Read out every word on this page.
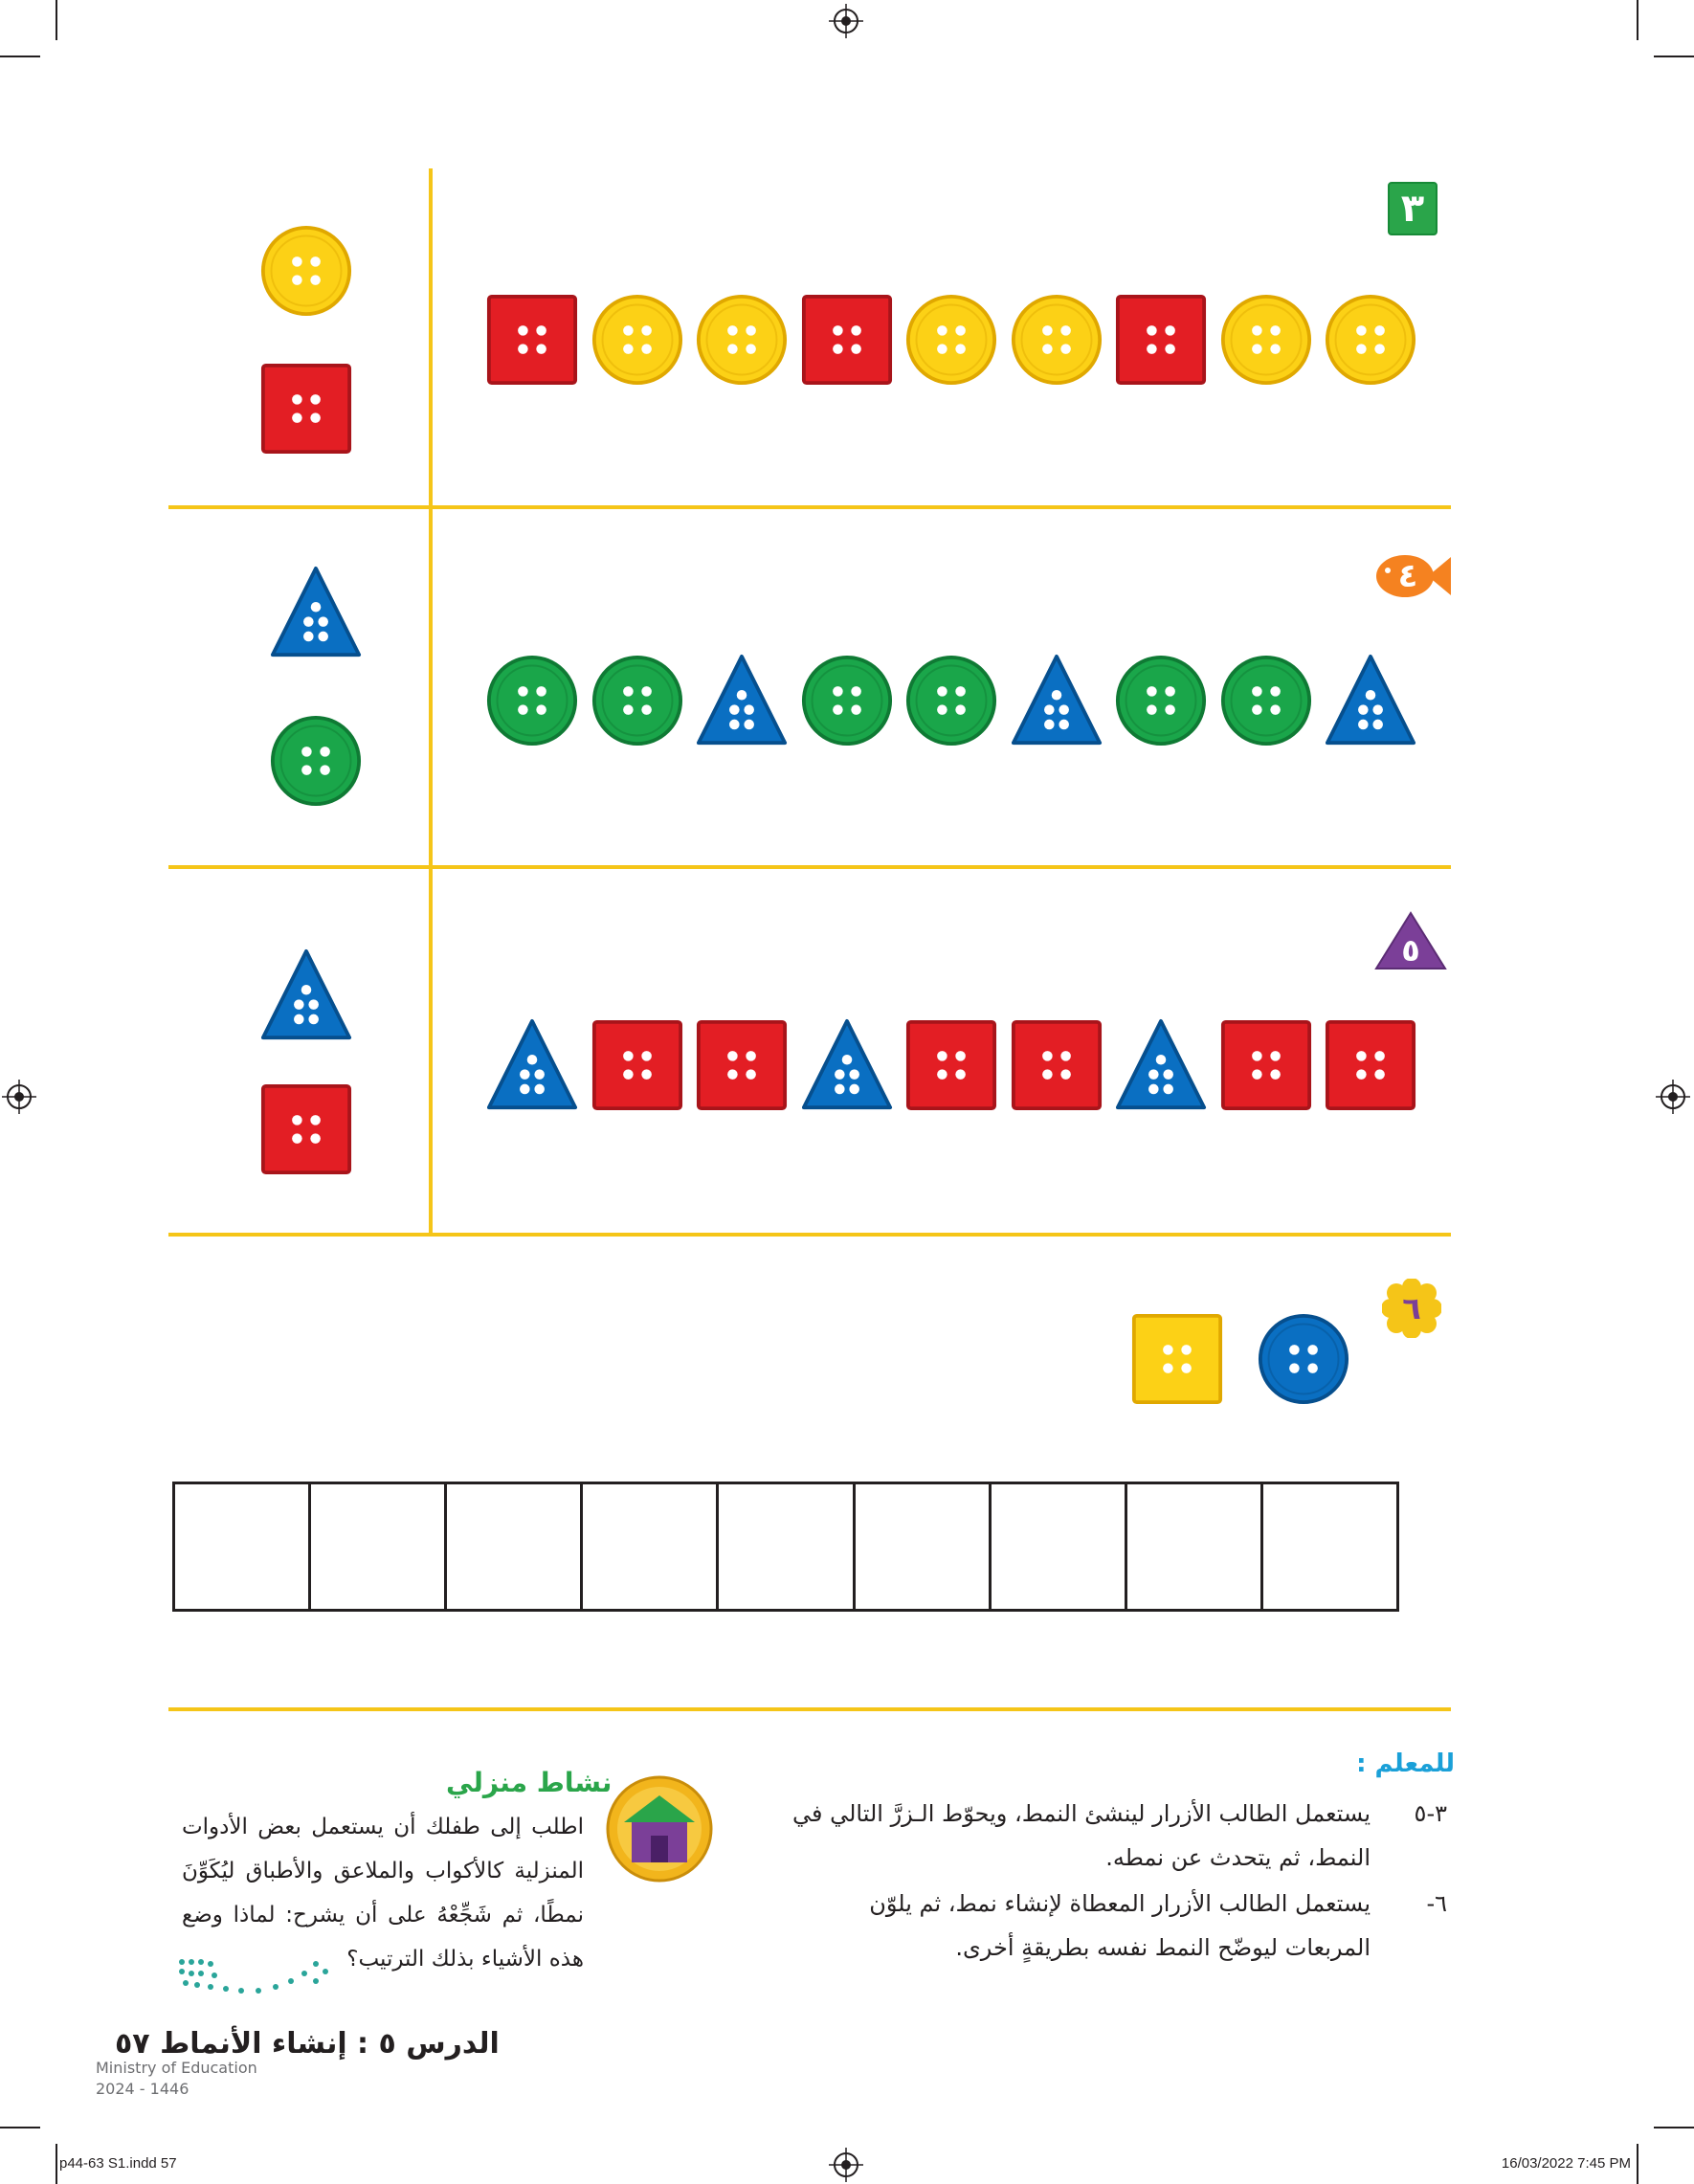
٣
٤
٥
٦
للمعلم :
٣-٥
يستعمل الطالب الأزرار لينشئ النمط، ويحوّط الـزرَّ التالي في النمط، ثم يتحدث عن نمطه.
٦-
يستعمل الطالب الأزرار المعطاة لإنشاء نمط، ثم يلوّن المربعات ليوضّح النمط نفسه بطريقةٍ أخرى.
نشاط منزلي
اطلب إلى طفلك أن يستعمل بعض الأدوات المنزلية كالأكواب والملاعق والأطباق ليُكَوِّنَ نمطًا، ثم شَجِّعْهُ على أن يشرح: لماذا وضع هذه الأشياء بذلك الترتيب؟
الدرس ٥ : إنشاء الأنماط ٥٧
Ministry of Education
2024 - 1446
p44-63 S1.indd 57	16/03/2022 7:45 PM
